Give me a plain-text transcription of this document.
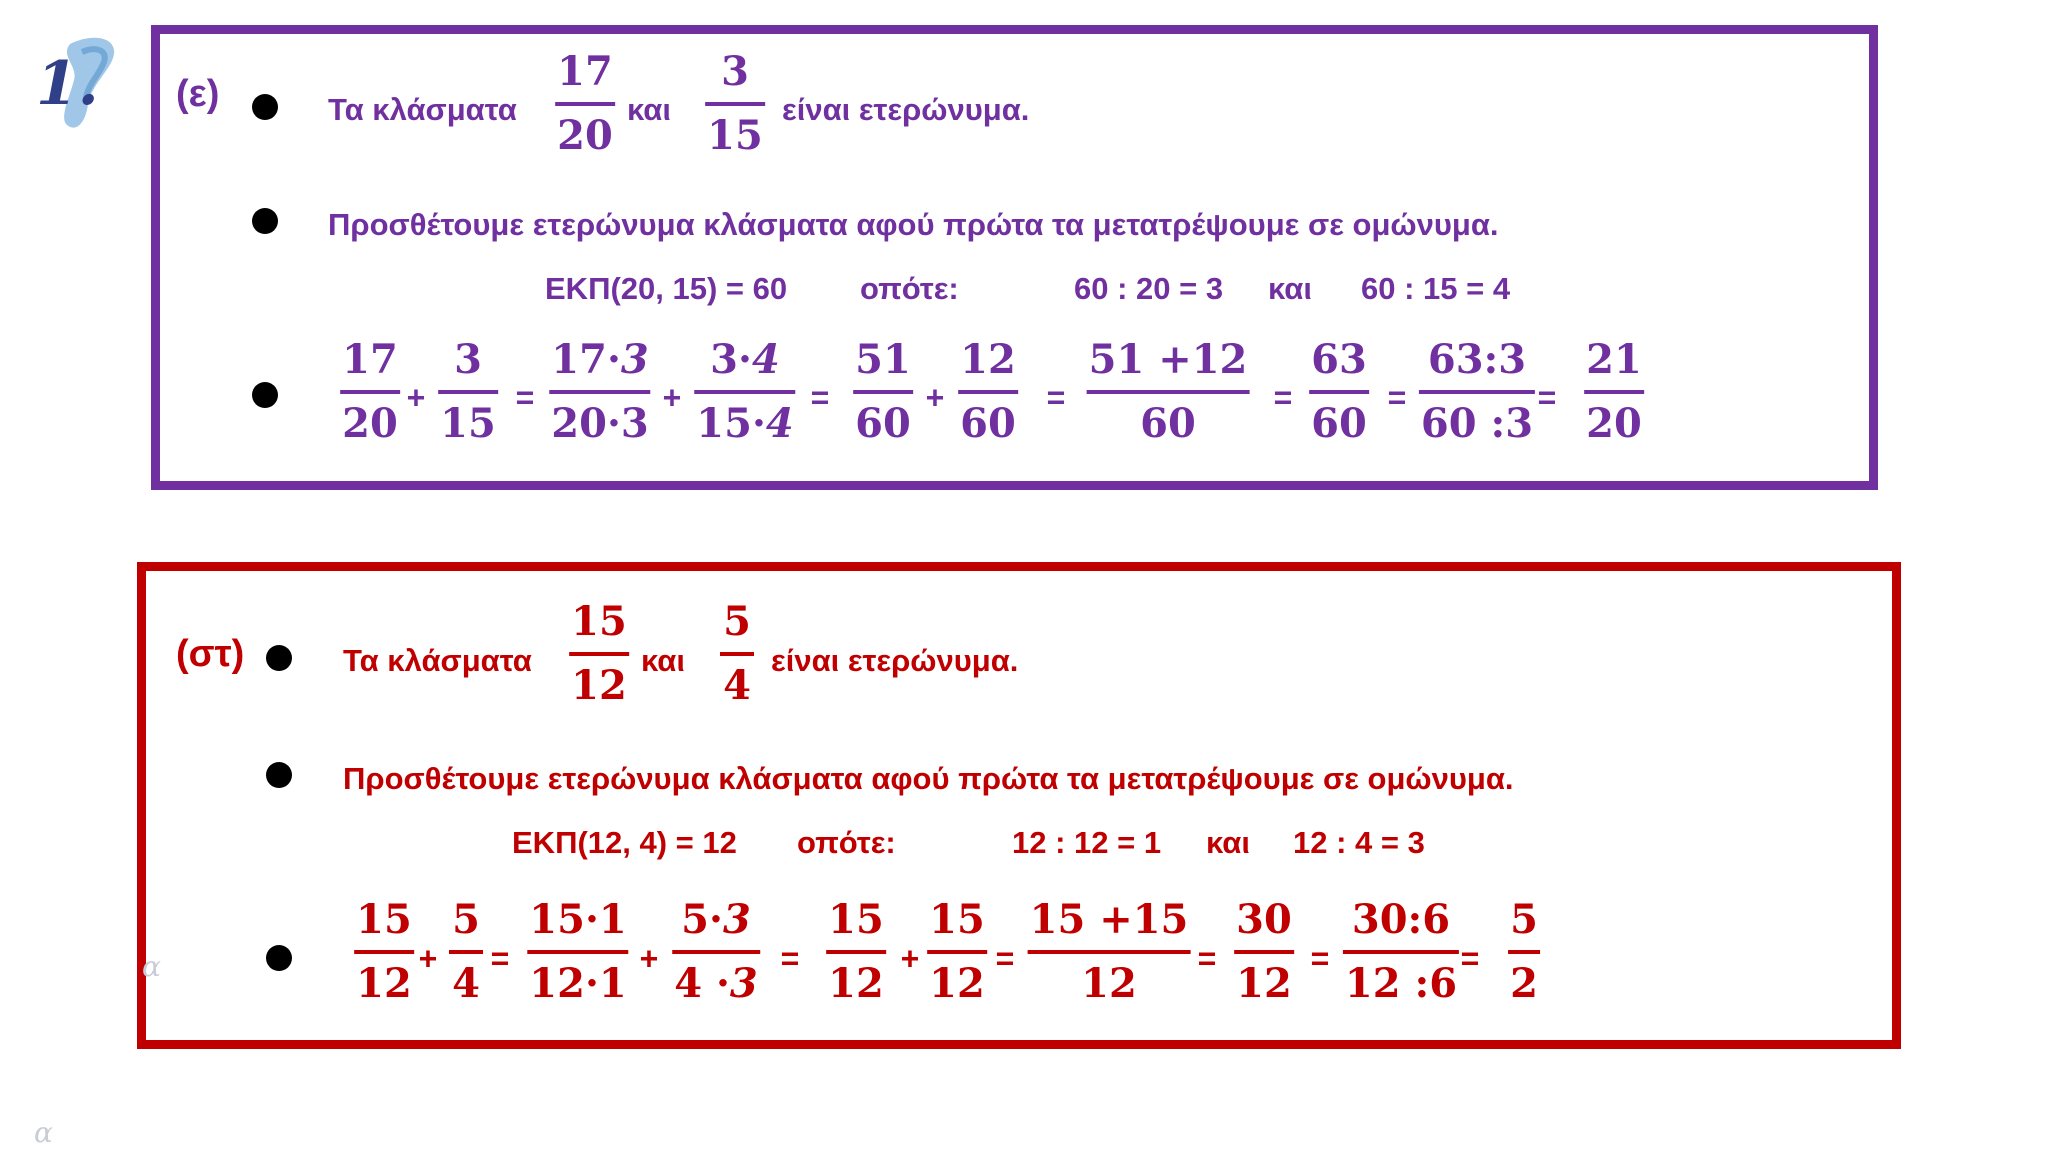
1. (ε)	Τα κλάσματα
17
20
και
3
15
είναι ετερώνυμα.
Προσθέτουμε ετερώνυμα κλάσματα αφού πρώτα τα μετατρέψουμε σε ομώνυμα.
ΕΚΠ(20, 15) = 60 οπότε:	60 : 20 = 3 και 60 : 15 = 4
17
20
+
3
15
=
17·3
20·3
+
3·4
15·4
=
51
60
+
12
60
=
51 +12
60
=
63
60
=
63:3
60 :3
=
21
20
(στ)	Τα κλάσματα
15
12
και
5
4
είναι ετερώνυμα.
Προσθέτουμε ετερώνυμα κλάσματα αφού πρώτα τα μετατρέψουμε σε ομώνυμα.
ΕΚΠ(12, 4) = 12 οπότε:	12 : 12 = 1 και 12 : 4 = 3
15
12
+
5
4
=
15·1
12·1
+
5·3
4 ·3
=
15
12
+
15
12
=
15 +15
12
=
30
12
=
30:6
12 :6
=
5
2
α
α
